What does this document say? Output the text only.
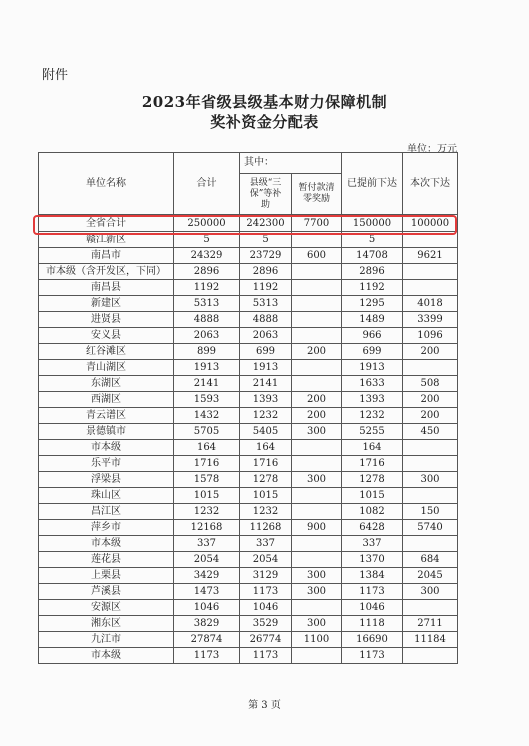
附件
2023年省级县级基本财力保障机制
奖补资金分配表
单位：万元
单位名称	合计	其中：		已提前下达	本次下达
		县级“三保”等补助	暂付款清零奖励		
全省合计	250000	242300	7700	150000	100000
赣江新区	5	5		5	
南昌市	24329	23729	600	14708	9621
市本级（含开发区，下同）	2896	2896		2896	
南昌县	1192	1192		1192	
新建区	5313	5313		1295	4018
进贤县	4888	4888		1489	3399
安义县	2063	2063		966	1096
红谷滩区	899	699	200	699	200
青山湖区	1913	1913		1913	
东湖区	2141	2141		1633	508
西湖区	1593	1393	200	1393	200
青云谱区	1432	1232	200	1232	200
景德镇市	5705	5405	300	5255	450
市本级	164	164		164	
乐平市	1716	1716		1716	
浮梁县	1578	1278	300	1278	300
珠山区	1015	1015		1015	
昌江区	1232	1232		1082	150
萍乡市	12168	11268	900	6428	5740
市本级	337	337		337	
莲花县	2054	2054		1370	684
上栗县	3429	3129	300	1384	2045
芦溪县	1473	1173	300	1173	300
安源区	1046	1046		1046	
湘东区	3829	3529	300	1118	2711
九江市	27874	26774	1100	16690	11184
市本级	1173	1173		1173	
第 3 页
